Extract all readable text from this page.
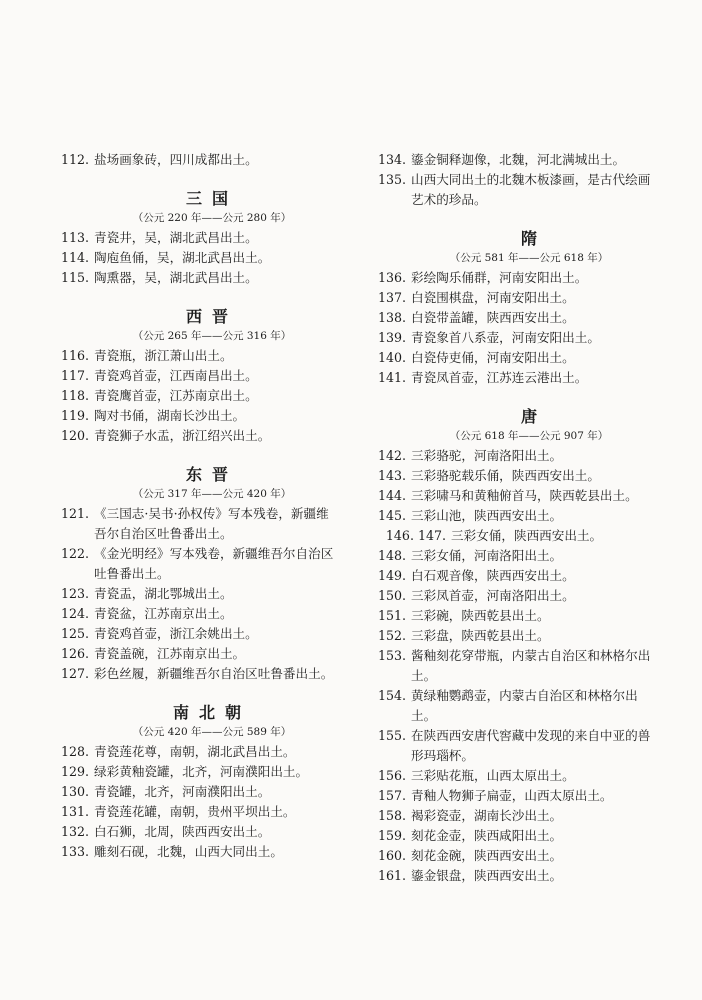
112. 盐场画象砖，四川成都出土。
三国
（公元 220 年——公元 280 年）
113. 青瓷井，吴，湖北武昌出土。
114. 陶庖鱼俑，吴，湖北武昌出土。
115. 陶熏器，吴，湖北武昌出土。
西晋
（公元 265 年——公元 316 年）
116. 青瓷瓶，浙江萧山出土。
117. 青瓷鸡首壶，江西南昌出土。
118. 青瓷鹰首壶，江苏南京出土。
119. 陶对书俑，湖南长沙出土。
120. 青瓷狮子水盂，浙江绍兴出土。
东晋
（公元 317 年——公元 420 年）
121. 《三国志·吴书·孙权传》写本残卷，新疆维吾尔自治区吐鲁番出土。
122. 《金光明经》写本残卷，新疆维吾尔自治区吐鲁番出土。
123. 青瓷盂，湖北鄂城出土。
124. 青瓷盆，江苏南京出土。
125. 青瓷鸡首壶，浙江余姚出土。
126. 青瓷盖碗，江苏南京出土。
127. 彩色丝履，新疆维吾尔自治区吐鲁番出土。
南北朝
（公元 420 年——公元 589 年）
128. 青瓷莲花尊，南朝，湖北武昌出土。
129. 绿彩黄釉瓷罐，北齐，河南濮阳出土。
130. 青瓷罐，北齐，河南濮阳出土。
131. 青瓷莲花罐，南朝，贵州平坝出土。
132. 白石狮，北周，陕西西安出土。
133. 雕刻石砚，北魏，山西大同出土。
134. 鎏金铜释迦像，北魏，河北满城出土。
135. 山西大同出土的北魏木板漆画，是古代绘画艺术的珍品。
隋
（公元 581 年——公元 618 年）
136. 彩绘陶乐俑群，河南安阳出土。
137. 白瓷围棋盘，河南安阳出土。
138. 白瓷带盖罐，陕西西安出土。
139. 青瓷象首八系壶，河南安阳出土。
140. 白瓷侍吏俑，河南安阳出土。
141. 青瓷凤首壶，江苏连云港出土。
唐
（公元 618 年——公元 907 年）
142. 三彩骆驼，河南洛阳出土。
143. 三彩骆驼载乐俑，陕西西安出土。
144. 三彩啸马和黄釉俯首马，陕西乾县出土。
145. 三彩山池，陕西西安出土。
146. 147. 三彩女俑，陕西西安出土。
148. 三彩女俑，河南洛阳出土。
149. 白石观音像，陕西西安出土。
150. 三彩凤首壶，河南洛阳出土。
151. 三彩碗，陕西乾县出土。
152. 三彩盘，陕西乾县出土。
153. 酱釉刻花穿带瓶，内蒙古自治区和林格尔出土。
154. 黄绿釉鹦鹉壶，内蒙古自治区和林格尔出土。
155. 在陕西西安唐代窖藏中发现的来自中亚的兽形玛瑙杯。
156. 三彩贴花瓶，山西太原出土。
157. 青釉人物狮子扁壶，山西太原出土。
158. 褐彩瓷壶，湖南长沙出土。
159. 刻花金壶，陕西咸阳出土。
160. 刻花金碗，陕西西安出土。
161. 鎏金银盘，陕西西安出土。
